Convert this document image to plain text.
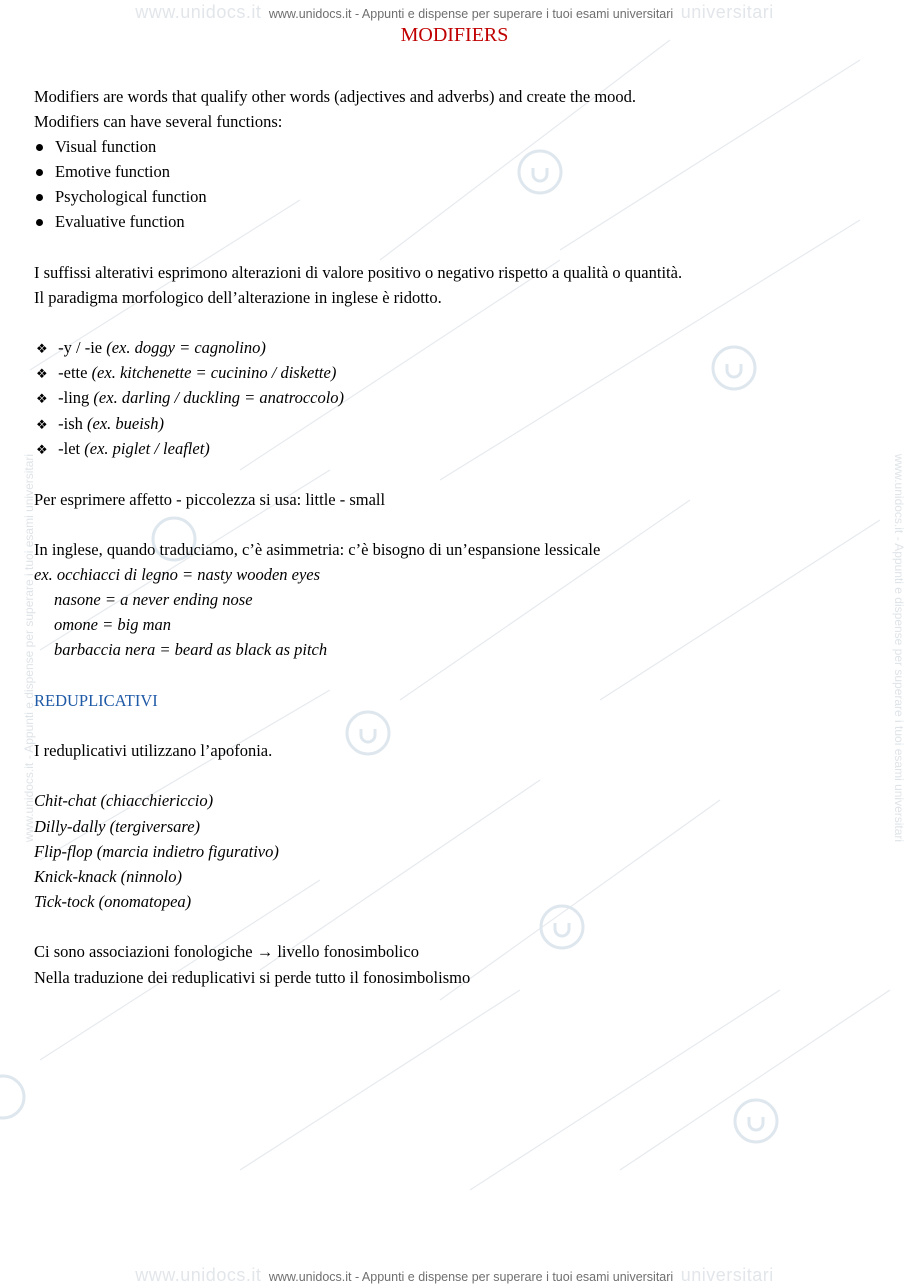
www.unidocs.it www.unidocs.it - Appunti e dispense per superare i tuoi esami universitari universitari
www.unidocs.it www.unidocs.it - Appunti e dispense per superare i tuoi esami universitari universitari
www.unidocs.it - Appunti e dispense per superare i tuoi esami universitari	www.unidocs.it - Appunti e dispense per superare i tuoi esami universitari
MODIFIERS
Modifiers are words that qualify other words (adjectives and adverbs) and create the mood.
Modifiers can have several functions:
Visual function
Emotive function
Psychological function
Evaluative function
I suffissi alterativi esprimono alterazioni di valore positivo o negativo rispetto a qualità o quantità.
Il paradigma morfologico dell’alterazione in inglese è ridotto.
❖ -y / -ie (ex. doggy = cagnolino)
❖ -ette (ex. kitchenette = cucinino / diskette)
❖ -ling (ex. darling / duckling = anatroccolo)
❖ -ish (ex. bueish)
❖ -let (ex. piglet / leaflet)
Per esprimere affetto - piccolezza si usa: little - small
In inglese, quando traduciamo, c’è asimmetria: c’è bisogno di un’espansione lessicale
ex. occhiacci di legno = nasty wooden eyes
nasone = a never ending nose
omone = big man
barbaccia nera = beard as black as pitch
REDUPLICATIVI
I reduplicativi utilizzano l’apofonia.
Chit-chat (chiacchiericcio)
Dilly-dally (tergiversare)
Flip-flop (marcia indietro figurativo)
Knick-knack (ninnolo)
Tick-tock (onomatopea)
Ci sono associazioni fonologiche → livello fonosimbolico
Nella traduzione dei reduplicativi si perde tutto il fonosimbolismo
